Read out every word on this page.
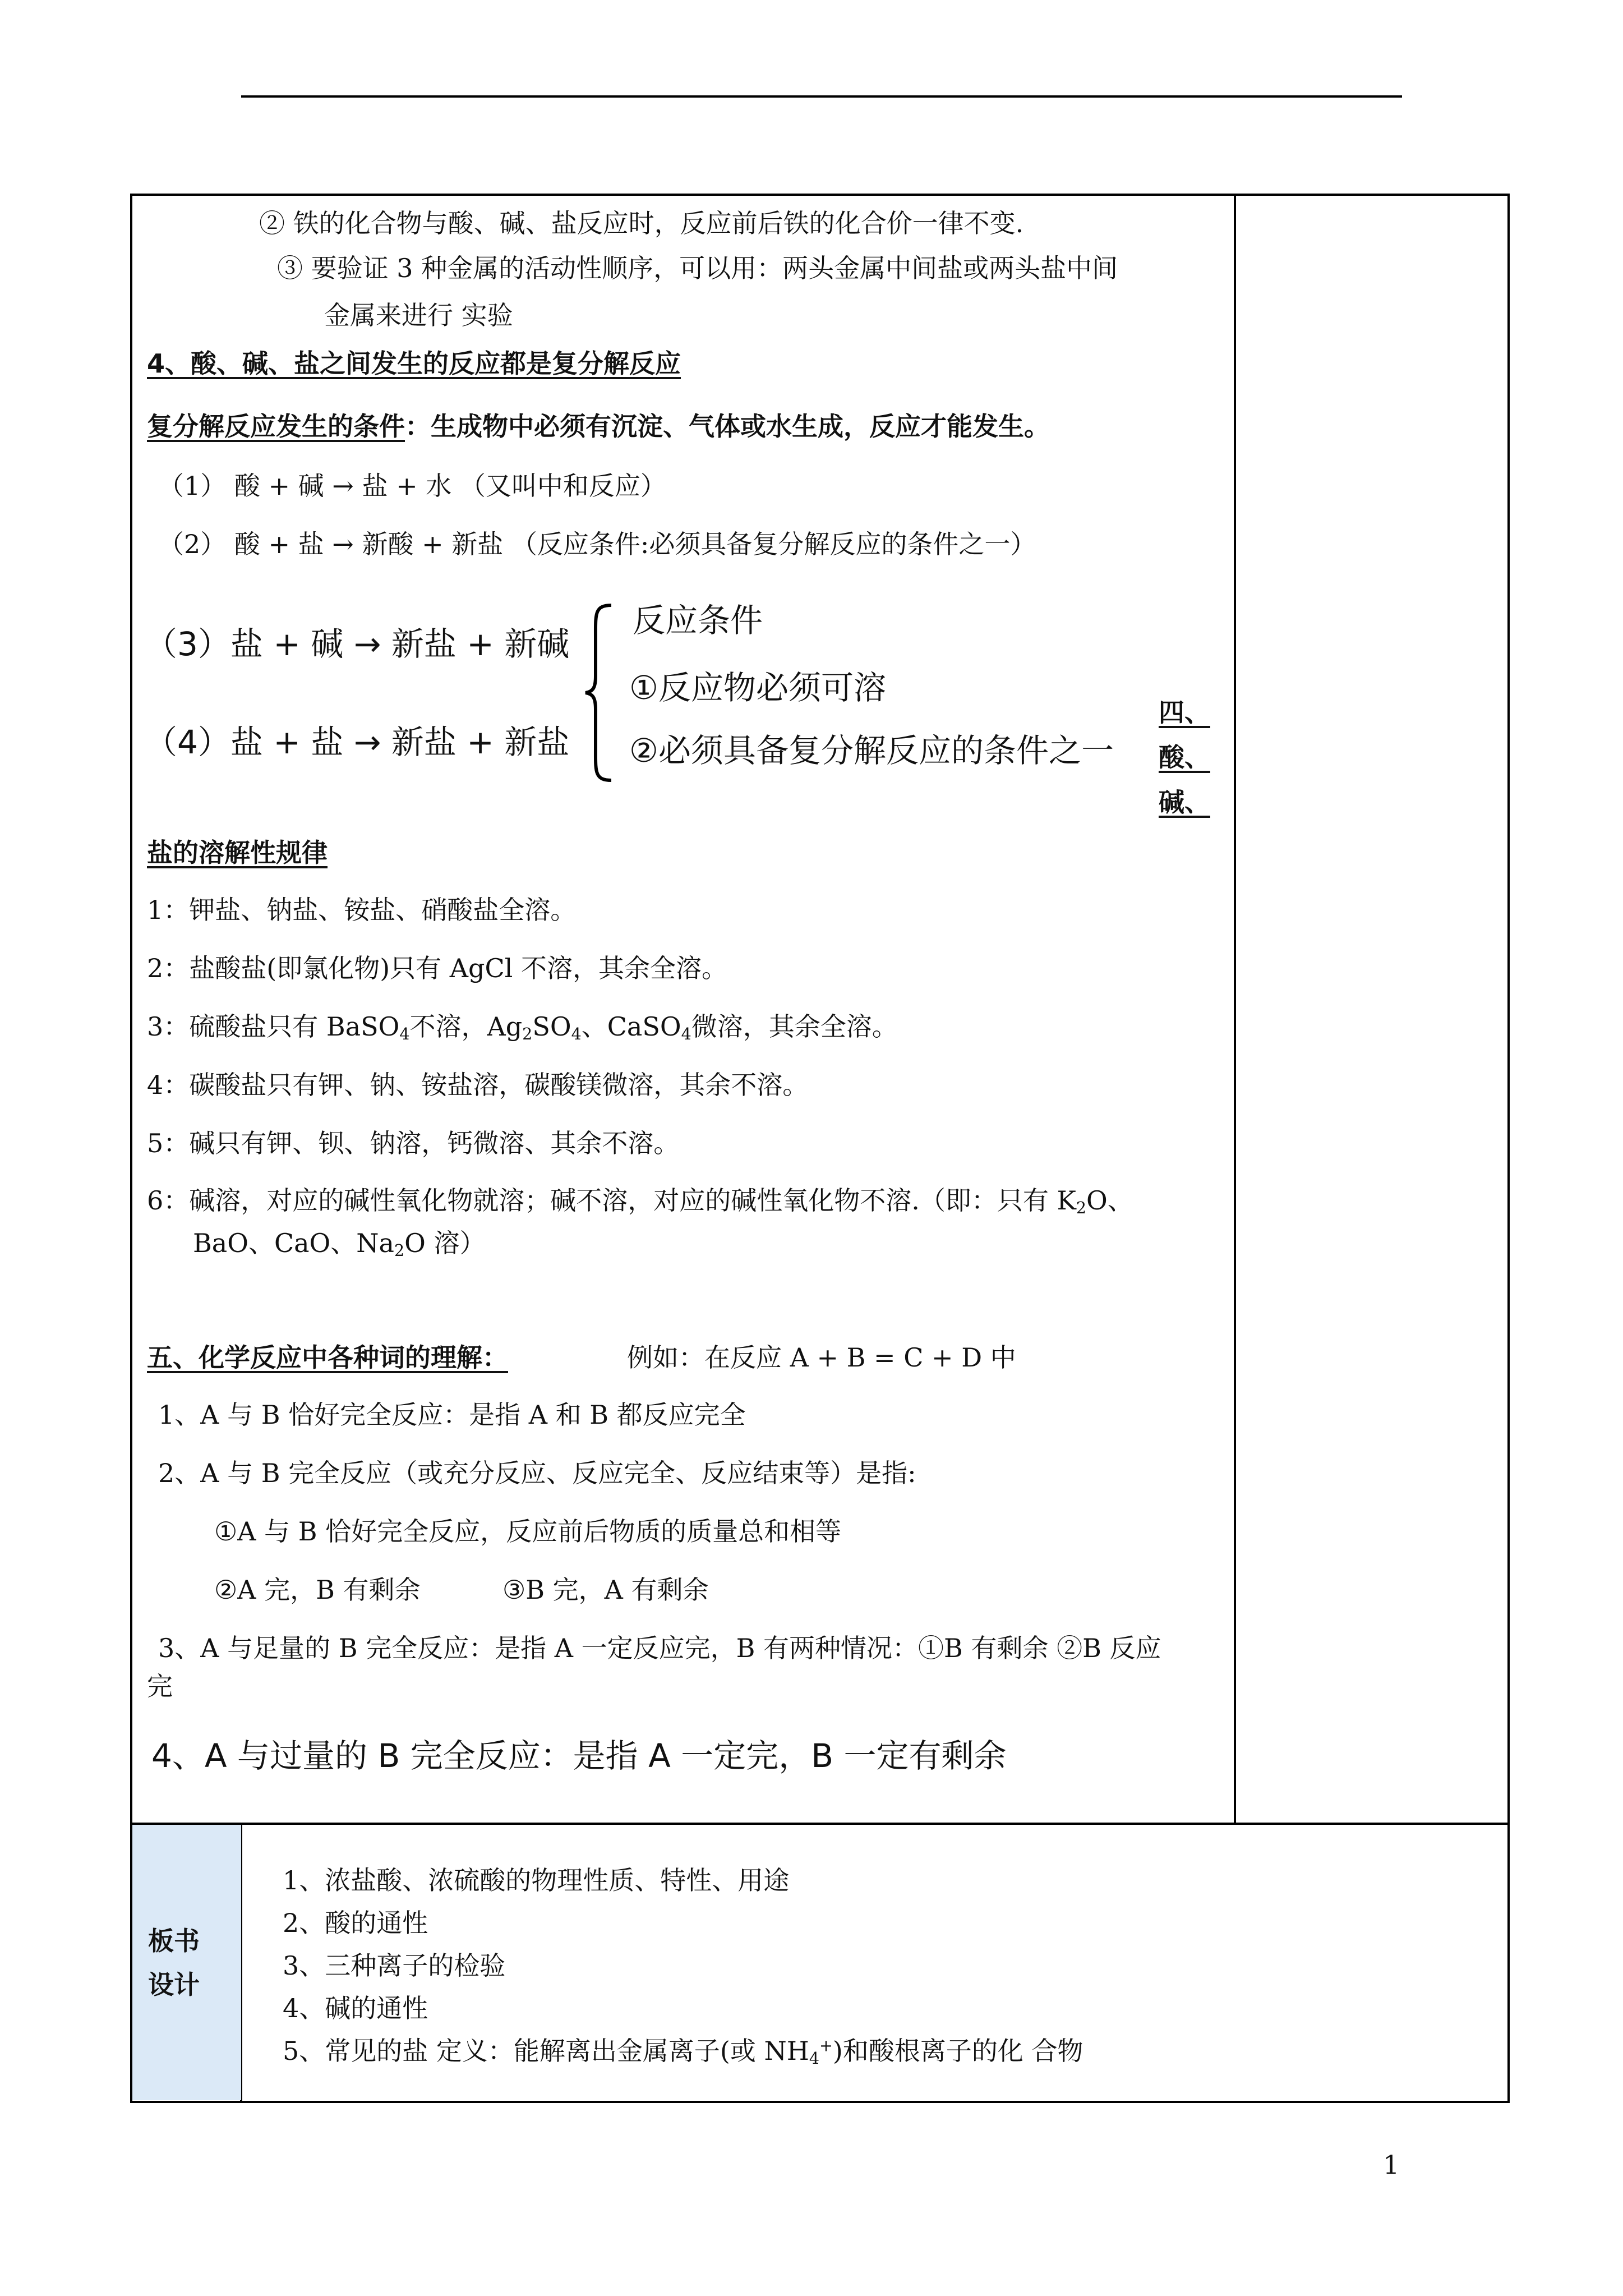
② 铁的化合物与酸、碱、盐反应时，反应前后铁的化合价一律不变.
③ 要验证 3 种金属的活动性顺序，可以用：两头金属中间盐或两头盐中间
金属来进行 实验
4、酸、碱、盐之间发生的反应都是复分解反应
复分解反应发生的条件：生成物中必须有沉淀、气体或水生成，反应才能发生。
（1） 酸 + 碱 → 盐 + 水 （又叫中和反应）
（2） 酸 + 盐 → 新酸 + 新盐 （反应条件:必须具备复分解反应的条件之一）
（3）盐 + 碱 → 新盐 + 新碱
（4）盐 + 盐 → 新盐 + 新盐
反应条件
①反应物必须可溶
②必须具备复分解反应的条件之一
四、
酸、
碱、
盐的溶解性规律
1：钾盐、钠盐、铵盐、硝酸盐全溶。
2：盐酸盐(即氯化物)只有 AgCl 不溶，其余全溶。
3：硫酸盐只有 BaSO$_4$不溶，$Ag_2SO_4$、CaSO$_4$微溶，其余全溶。
4：碳酸盐只有钾、钠、铵盐溶，碳酸镁微溶，其余不溶。
5：碱只有钾、钡、钠溶，钙微溶、其余不溶。
6：碱溶，对应的碱性氧化物就溶；碱不溶，对应的碱性氧化物不溶.（即：只有 $K_2O$、
BaO、CaO、$Na_2O$ 溶）
五、化学反应中各种词的理解：	例如：在反应 A + B = C + D 中
1、A 与 B 恰好完全反应：是指 A 和 B 都反应完全
2、A 与 B 完全反应（或充分反应、反应完全、反应结束等）是指:
①A 与 B 恰好完全反应，反应前后物质的质量总和相等
②A 完，B 有剩余	③B 完，A 有剩余
3、A 与足量的 B 完全反应：是指 A 一定反应完，B 有两种情况：①B 有剩余 ②B 反应
完
4、A 与过量的 B 完全反应：是指 A 一定完，B 一定有剩余
板书
设计
1、浓盐酸、浓硫酸的物理性质、特性、用途
2、酸的通性
3、三种离子的检验
4、碱的通性
5、常见的盐 定义：能解离出金属离子(或 $NH_4^+$)和酸根离子的化 合物
1
